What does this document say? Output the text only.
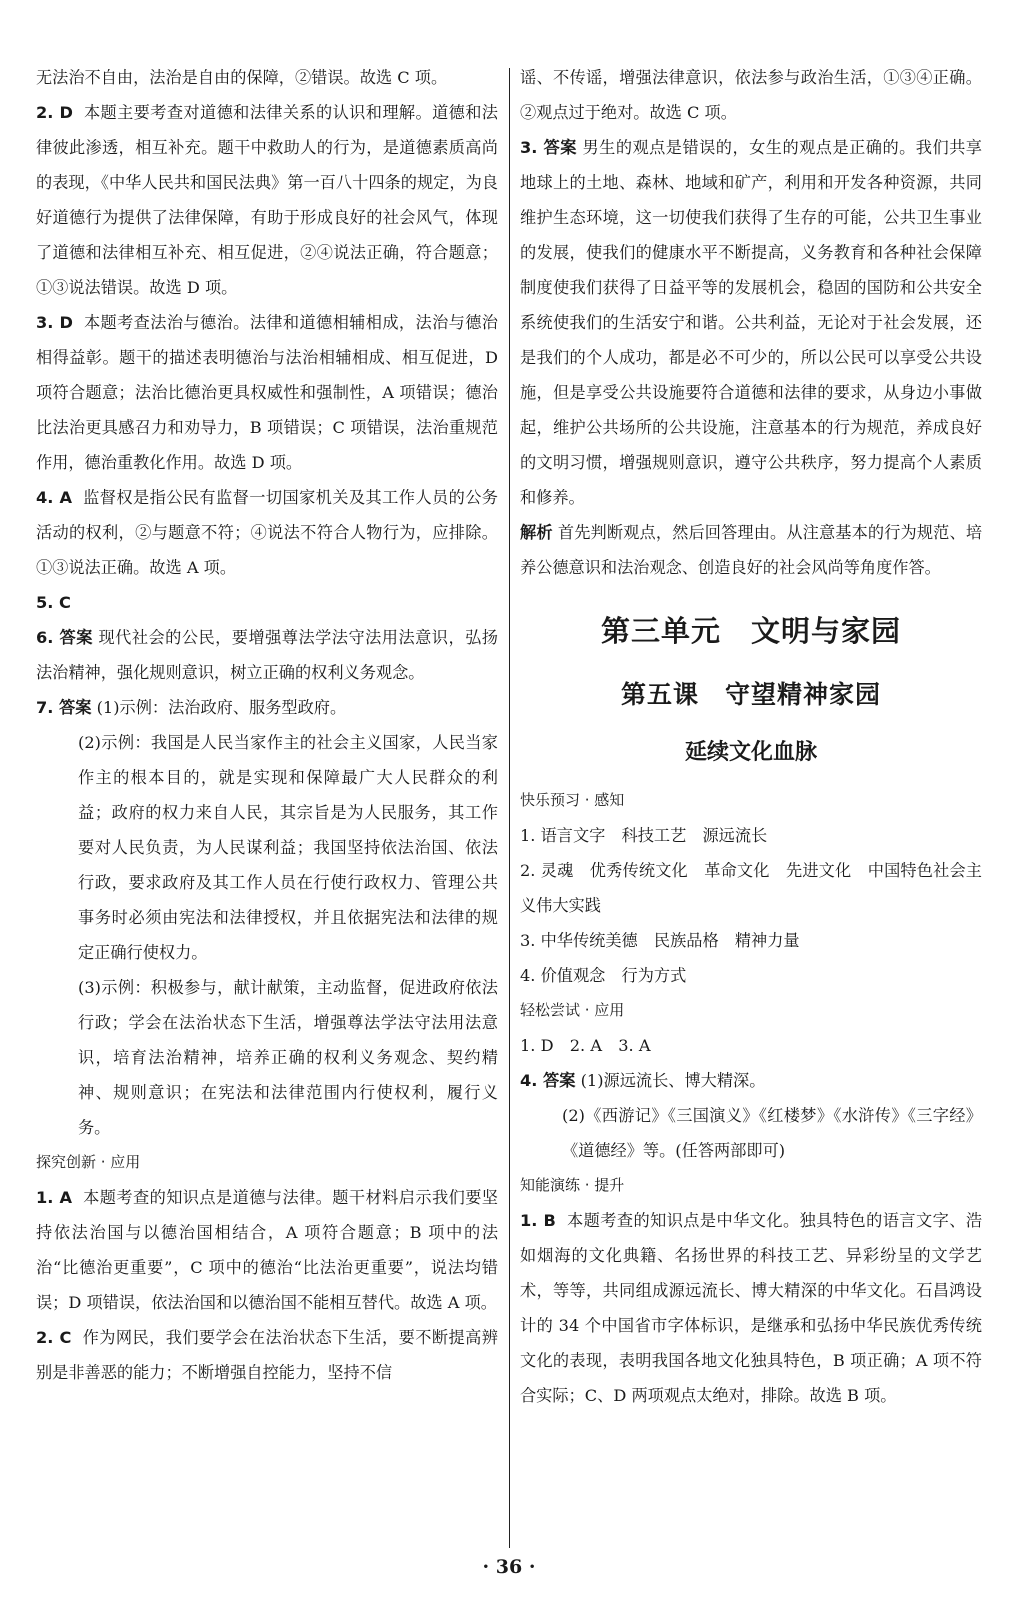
无法治不自由，法治是自由的保障，②错误。故选 C 项。

2. D 本题主要考查对道德和法律关系的认识和理解。道德和法律彼此渗透，相互补充。题干中救助人的行为，是道德素质高尚的表现，《中华人民共和国民法典》第一百八十四条的规定，为良好道德行为提供了法律保障，有助于形成良好的社会风气，体现了道德和法律相互补充、相互促进，②④说法正确，符合题意；①③说法错误。故选 D 项。

3. D 本题考查法治与德治。法律和道德相辅相成，法治与德治相得益彰。题干的描述表明德治与法治相辅相成、相互促进，D 项符合题意；法治比德治更具权威性和强制性，A 项错误；德治比法治更具感召力和劝导力，B 项错误；C 项错误，法治重规范作用，德治重教化作用。故选 D 项。

4. A 监督权是指公民有监督一切国家机关及其工作人员的公务活动的权利，②与题意不符；④说法不符合人物行为，应排除。①③说法正确。故选 A 项。

5. C

6. 答案 现代社会的公民，要增强尊法学法守法用法意识，弘扬法治精神，强化规则意识，树立正确的权利义务观念。

7. 答案 (1)示例：法治政府、服务型政府。

(2)示例：我国是人民当家作主的社会主义国家，人民当家作主的根本目的，就是实现和保障最广大人民群众的利益；政府的权力来自人民，其宗旨是为人民服务，其工作要对人民负责，为人民谋利益；我国坚持依法治国、依法行政，要求政府及其工作人员在行使行政权力、管理公共事务时必须由宪法和法律授权，并且依据宪法和法律的规定正确行使权力。

(3)示例：积极参与，献计献策，主动监督，促进政府依法行政；学会在法治状态下生活，增强尊法学法守法用法意识，培育法治精神，培养正确的权利义务观念、契约精神、规则意识；在宪法和法律范围内行使权利，履行义务。

探究创新 · 应用

1. A 本题考查的知识点是道德与法律。题干材料启示我们要坚持依法治国与以德治国相结合，A 项符合题意；B 项中的法治“比德治更重要”，C 项中的德治“比法治更重要”，说法均错误；D 项错误，依法治国和以德治国不能相互替代。故选 A 项。

2. C 作为网民，我们要学会在法治状态下生活，要不断提高辨别是非善恶的能力；不断增强自控能力，坚持不信

谣、不传谣，增强法律意识，依法参与政治生活，①③④正确。②观点过于绝对。故选 C 项。

3. 答案 男生的观点是错误的，女生的观点是正确的。我们共享地球上的土地、森林、地域和矿产，利用和开发各种资源，共同维护生态环境，这一切使我们获得了生存的可能，公共卫生事业的发展，使我们的健康水平不断提高，义务教育和各种社会保障制度使我们获得了日益平等的发展机会，稳固的国防和公共安全系统使我们的生活安宁和谐。公共利益，无论对于社会发展，还是我们的个人成功，都是必不可少的，所以公民可以享受公共设施，但是享受公共设施要符合道德和法律的要求，从身边小事做起，维护公共场所的公共设施，注意基本的行为规范，养成良好的文明习惯，增强规则意识，遵守公共秩序，努力提高个人素质和修养。

解析 首先判断观点，然后回答理由。从注意基本的行为规范、培养公德意识和法治观念、创造良好的社会风尚等角度作答。

第三单元　文明与家园
第五课　守望精神家园
延续文化血脉

快乐预习 · 感知

1. 语言文字　科技工艺　源远流长

2. 灵魂　优秀传统文化　革命文化　先进文化　中国特色社会主义伟大实践

3. 中华传统美德　民族品格　精神力量

4. 价值观念　行为方式

轻松尝试 · 应用

1. D　2. A　3. A

4. 答案 (1)源远流长、博大精深。

(2)《西游记》《三国演义》《红楼梦》《水浒传》《三字经》《道德经》等。(任答两部即可)

知能演练 · 提升

1. B 本题考查的知识点是中华文化。独具特色的语言文字、浩如烟海的文化典籍、名扬世界的科技工艺、异彩纷呈的文学艺术，等等，共同组成源远流长、博大精深的中华文化。石昌鸿设计的 34 个中国省市字体标识，是继承和弘扬中华民族优秀传统文化的表现，表明我国各地文化独具特色，B 项正确；A 项不符合实际；C、D 两项观点太绝对，排除。故选 B 项。

· 36 ·
